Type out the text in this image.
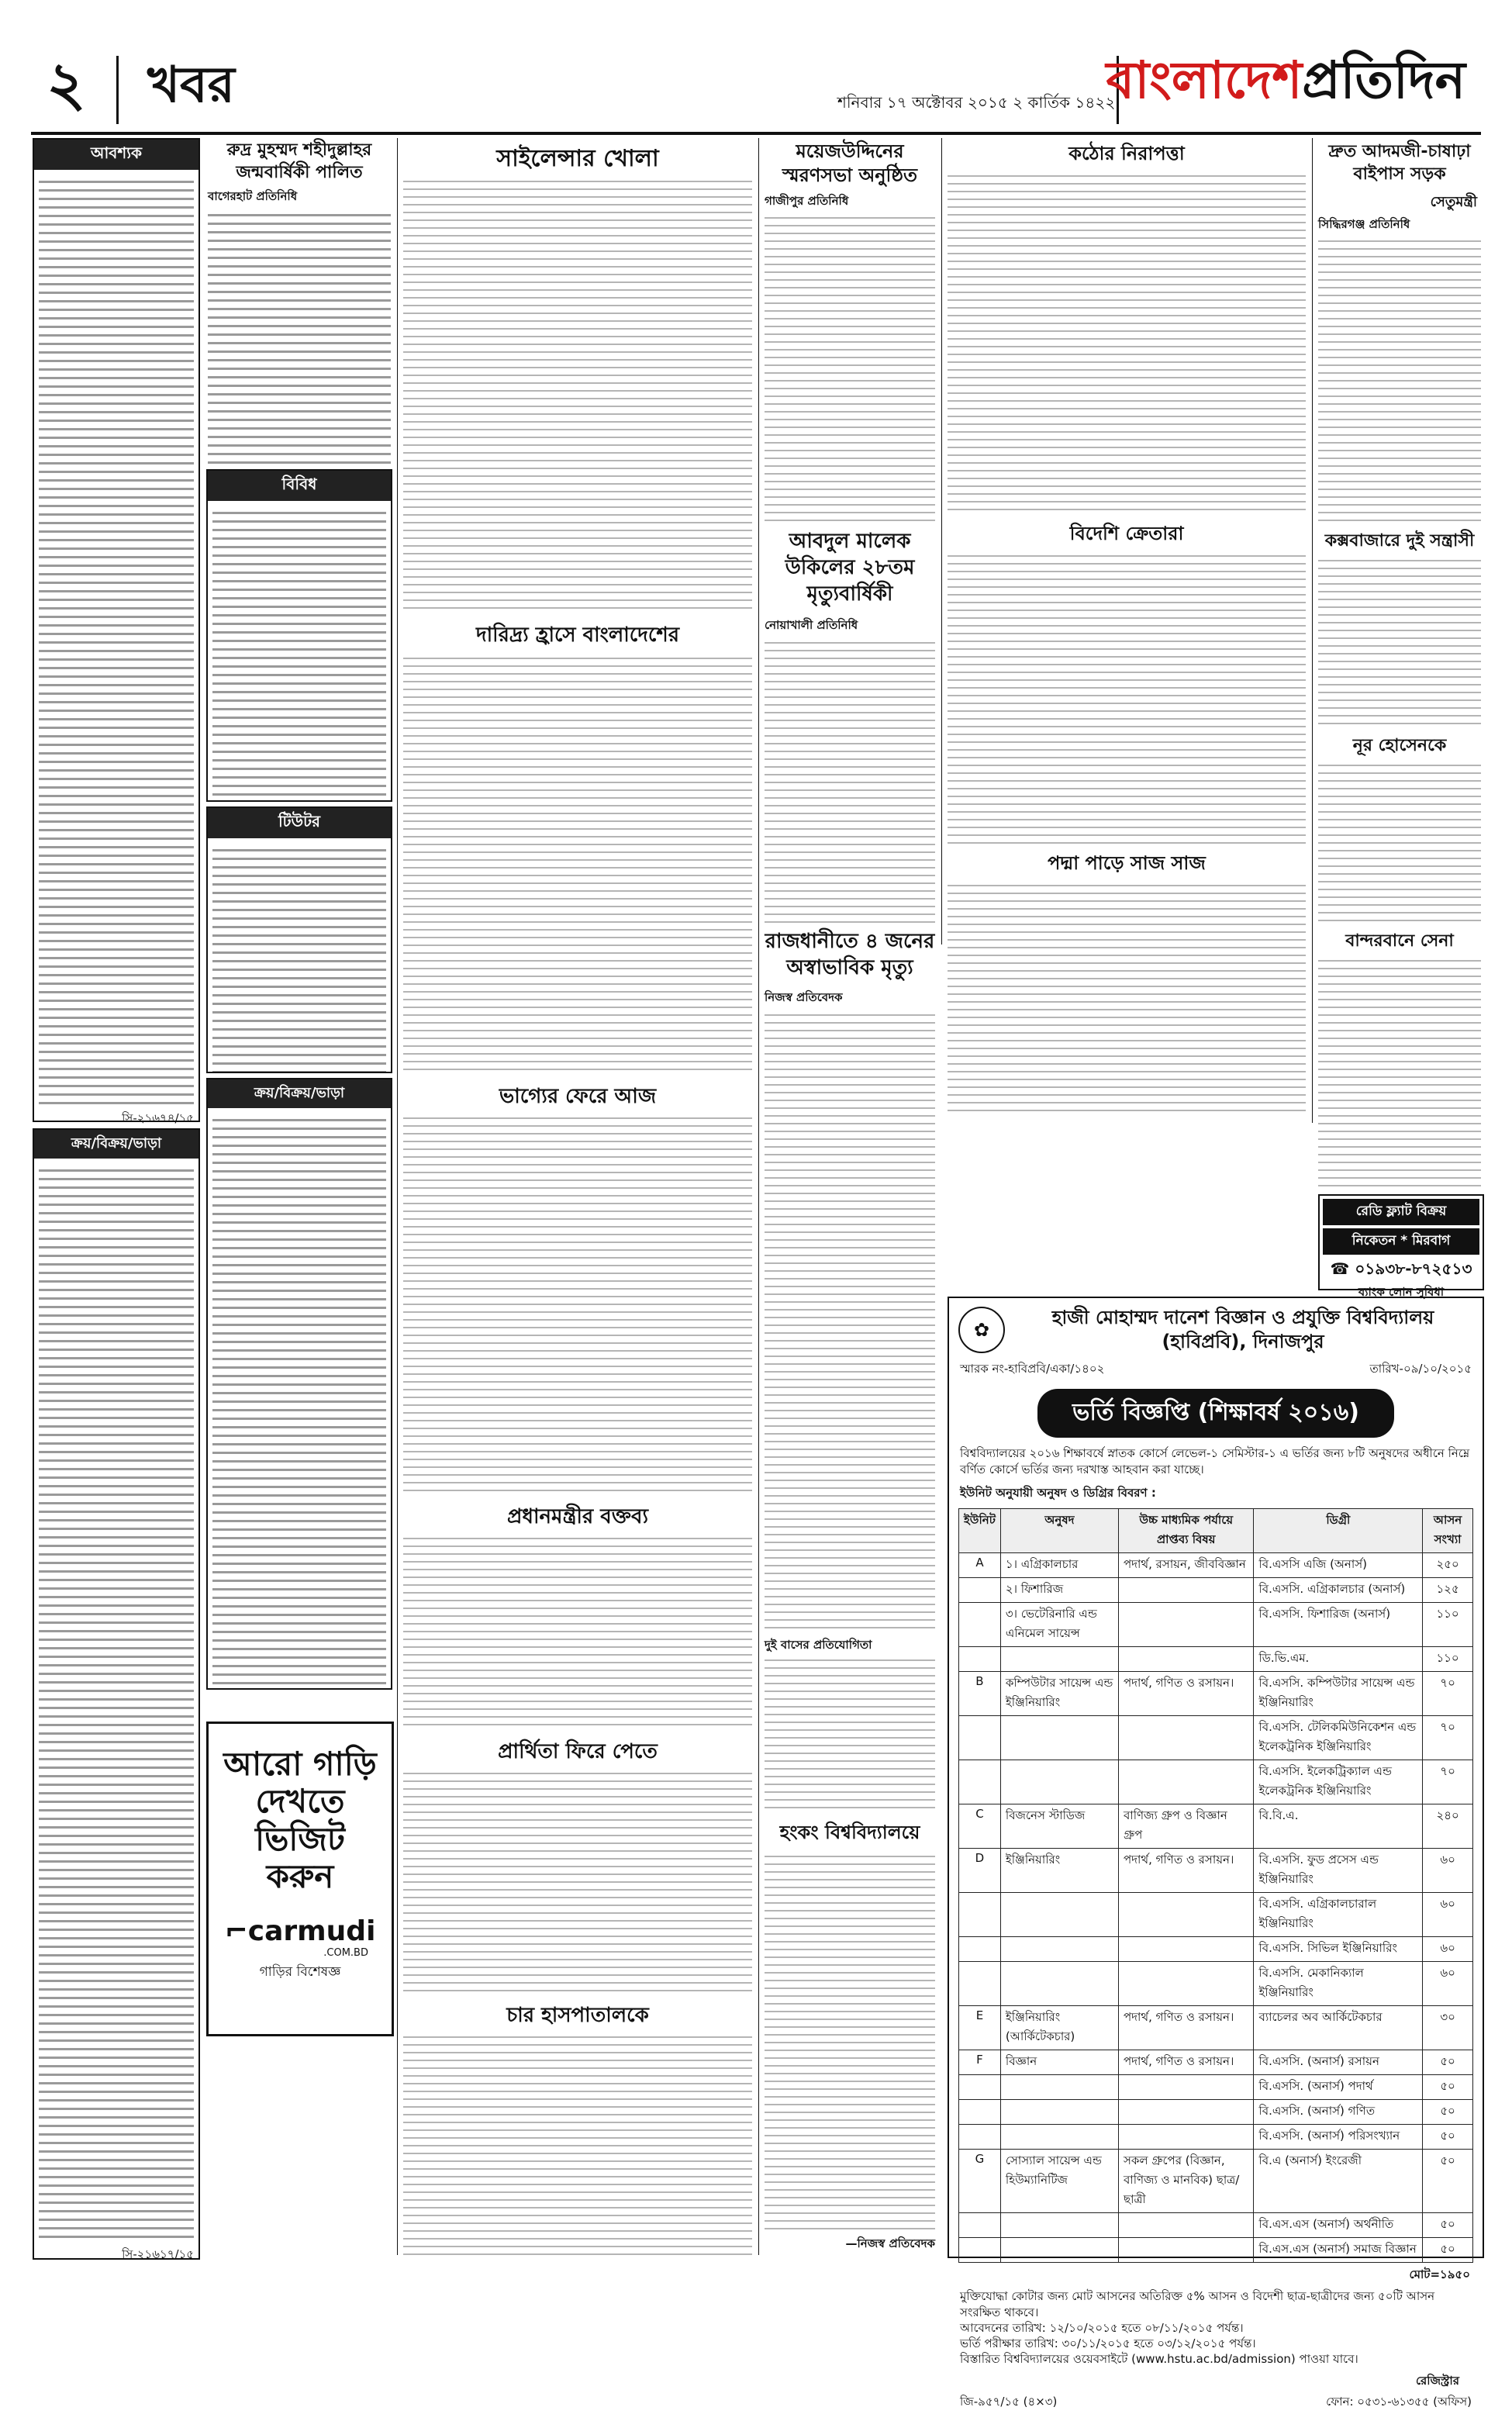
২ খবর	শনিবার ১৭ অক্টোবর ২০১৫ ২ কার্তিক ১৪২২
বাংলাদেশপ্রতিদিন
আবশ্যক
সি-২১৬৭৪/১৫
ক্রয়/বিক্রয়/ভাড়া
সি-২১৬১৭/১৫
রুদ্র মুহম্মদ শহীদুল্লাহর জন্মবার্ষিকী পালিত
বাগেরহাট প্রতিনিধি
বিবিধ
টিউটর
ক্রয়/বিক্রয়/ভাড়া
আরো গাড়ি
দেখতে
ভিজিট
করুন
⌐carmudi
.COM.BD
গাড়ির বিশেষজ্ঞ
সাইলেন্সার খোলা
দারিদ্র্য হ্রাসে বাংলাদেশের
ভাগ্যের ফেরে আজ
প্রধানমন্ত্রীর বক্তব্য
প্রার্থিতা ফিরে পেতে
চার হাসপাতালকে
ময়েজউদ্দিনের স্মরণসভা অনুষ্ঠিত
গাজীপুর প্রতিনিধি
আবদুল মালেক উকিলের ২৮তম মৃত্যুবার্ষিকী
নোয়াখালী প্রতিনিধি
রাজধানীতে ৪ জনের অস্বাভাবিক মৃত্যু
নিজস্ব প্রতিবেদক
দুই বাসের প্রতিযোগিতা
হংকং বিশ্ববিদ্যালয়ে
—নিজস্ব প্রতিবেদক
কঠোর নিরাপত্তা
বিদেশি ক্রেতারা
পদ্মা পাড়ে সাজ সাজ
দ্রুত আদমজী-চাষাঢ়া বাইপাস সড়ক
সেতুমন্ত্রী
সিদ্ধিরগঞ্জ প্রতিনিধি
কক্সবাজারে দুই সন্ত্রাসী
নূর হোসেনকে
বান্দরবানে সেনা
রেডি ফ্ল্যাট বিক্রয়
নিকেতন * মিরবাগ
☎ ০১৯৩৮-৮৭২৫১৩
ব্যাংক লোন সুবিধা
✿
হাজী মোহাম্মদ দানেশ বিজ্ঞান ও প্রযুক্তি বিশ্ববিদ্যালয় (হাবিপ্রবি), দিনাজপুর
স্মারক নং-হাবিপ্রবি/একা/১৪০২	তারিখ-০৯/১০/২০১৫
ভর্তি বিজ্ঞপ্তি (শিক্ষাবর্ষ ২০১৬)
বিশ্ববিদ্যালয়ের ২০১৬ শিক্ষাবর্ষে স্নাতক কোর্সে লেভেল-১ সেমিস্টার-১ এ ভর্তির জন্য ৮টি অনুষদের অধীনে নিম্নে বর্ণিত কোর্সে ভর্তির জন্য দরখাস্ত আহবান করা যাচ্ছে।
ইউনিট অনুযায়ী অনুষদ ও ডিগ্রির বিবরণ :
ইউনিট	অনুষদ	উচ্চ মাধ্যমিক পর্যায়ে প্রাপ্তব্য বিষয়	ডিগ্রী	আসন সংখ্যা
A	১। এগ্রিকালচার	পদার্থ, রসায়ন, জীববিজ্ঞান	বি.এসসি এজি (অনার্স)	২৫০
	২। ফিশারিজ		বি.এসসি. এগ্রিকালচার (অনার্স)	১২৫
	৩। ভেটেরিনারি এন্ড এনিমেল সায়েন্স		বি.এসসি. ফিশারিজ (অনার্স)	১১০
			ডি.ভি.এম.	১১০
B	কম্পিউটার সায়েন্স এন্ড ইঞ্জিনিয়ারিং	পদার্থ, গণিত ও রসায়ন।	বি.এসসি. কম্পিউটার সায়েন্স এন্ড ইঞ্জিনিয়ারিং	৭০
			বি.এসসি. টেলিকমিউনিকেশন এন্ড ইলেকট্রনিক ইঞ্জিনিয়ারিং	৭০
			বি.এসসি. ইলেকট্রিক্যাল এন্ড ইলেকট্রনিক ইঞ্জিনিয়ারিং	৭০
C	বিজনেস স্টাডিজ	বাণিজ্য গ্রুপ ও বিজ্ঞান গ্রুপ	বি.বি.এ.	২৪০
D	ইঞ্জিনিয়ারিং	পদার্থ, গণিত ও রসায়ন।	বি.এসসি. ফুড প্রসেস এন্ড ইঞ্জিনিয়ারিং	৬০
			বি.এসসি. এগ্রিকালচারাল ইঞ্জিনিয়ারিং	৬০
			বি.এসসি. সিভিল ইঞ্জিনিয়ারিং	৬০
			বি.এসসি. মেকানিক্যাল ইঞ্জিনিয়ারিং	৬০
E	ইঞ্জিনিয়ারিং (আর্কিটেকচার)	পদার্থ, গণিত ও রসায়ন।	ব্যাচেলর অব আর্কিটেকচার	৩০
F	বিজ্ঞান	পদার্থ, গণিত ও রসায়ন।	বি.এসসি. (অনার্স) রসায়ন	৫০
			বি.এসসি. (অনার্স) পদার্থ	৫০
			বি.এসসি. (অনার্স) গণিত	৫০
			বি.এসসি. (অনার্স) পরিসংখ্যান	৫০
G	সোস্যাল সায়েন্স এন্ড হিউম্যানিটিজ	সকল গ্রুপের (বিজ্ঞান, বাণিজ্য ও মানবিক) ছাত্র/ছাত্রী	বি.এ (অনার্স) ইংরেজী	৫০
			বি.এস.এস (অনার্স) অর্থনীতি	৫০
			বি.এস.এস (অনার্স) সমাজ বিজ্ঞান	৫০
মোট=১৯৫০
মুক্তিযোদ্ধা কোটার জন্য মোট আসনের অতিরিক্ত ৫% আসন ও বিদেশী ছাত্র-ছাত্রীদের জন্য ৫০টি আসন সংরক্ষিত থাকবে।
আবেদনের তারিখ: ১২/১০/২০১৫ হতে ০৮/১১/২০১৫ পর্যন্ত।
ভর্তি পরীক্ষার তারিখ: ৩০/১১/২০১৫ হতে ০৩/১২/২০১৫ পর্যন্ত।
বিস্তারিত বিশ্ববিদ্যালয়ের ওয়েবসাইটে (www.hstu.ac.bd/admission) পাওয়া যাবে।
রেজিস্ট্রার
জি-৯৫৭/১৫ (৪×৩)	ফোন: ০৫৩১-৬১৩৫৫ (অফিস)
